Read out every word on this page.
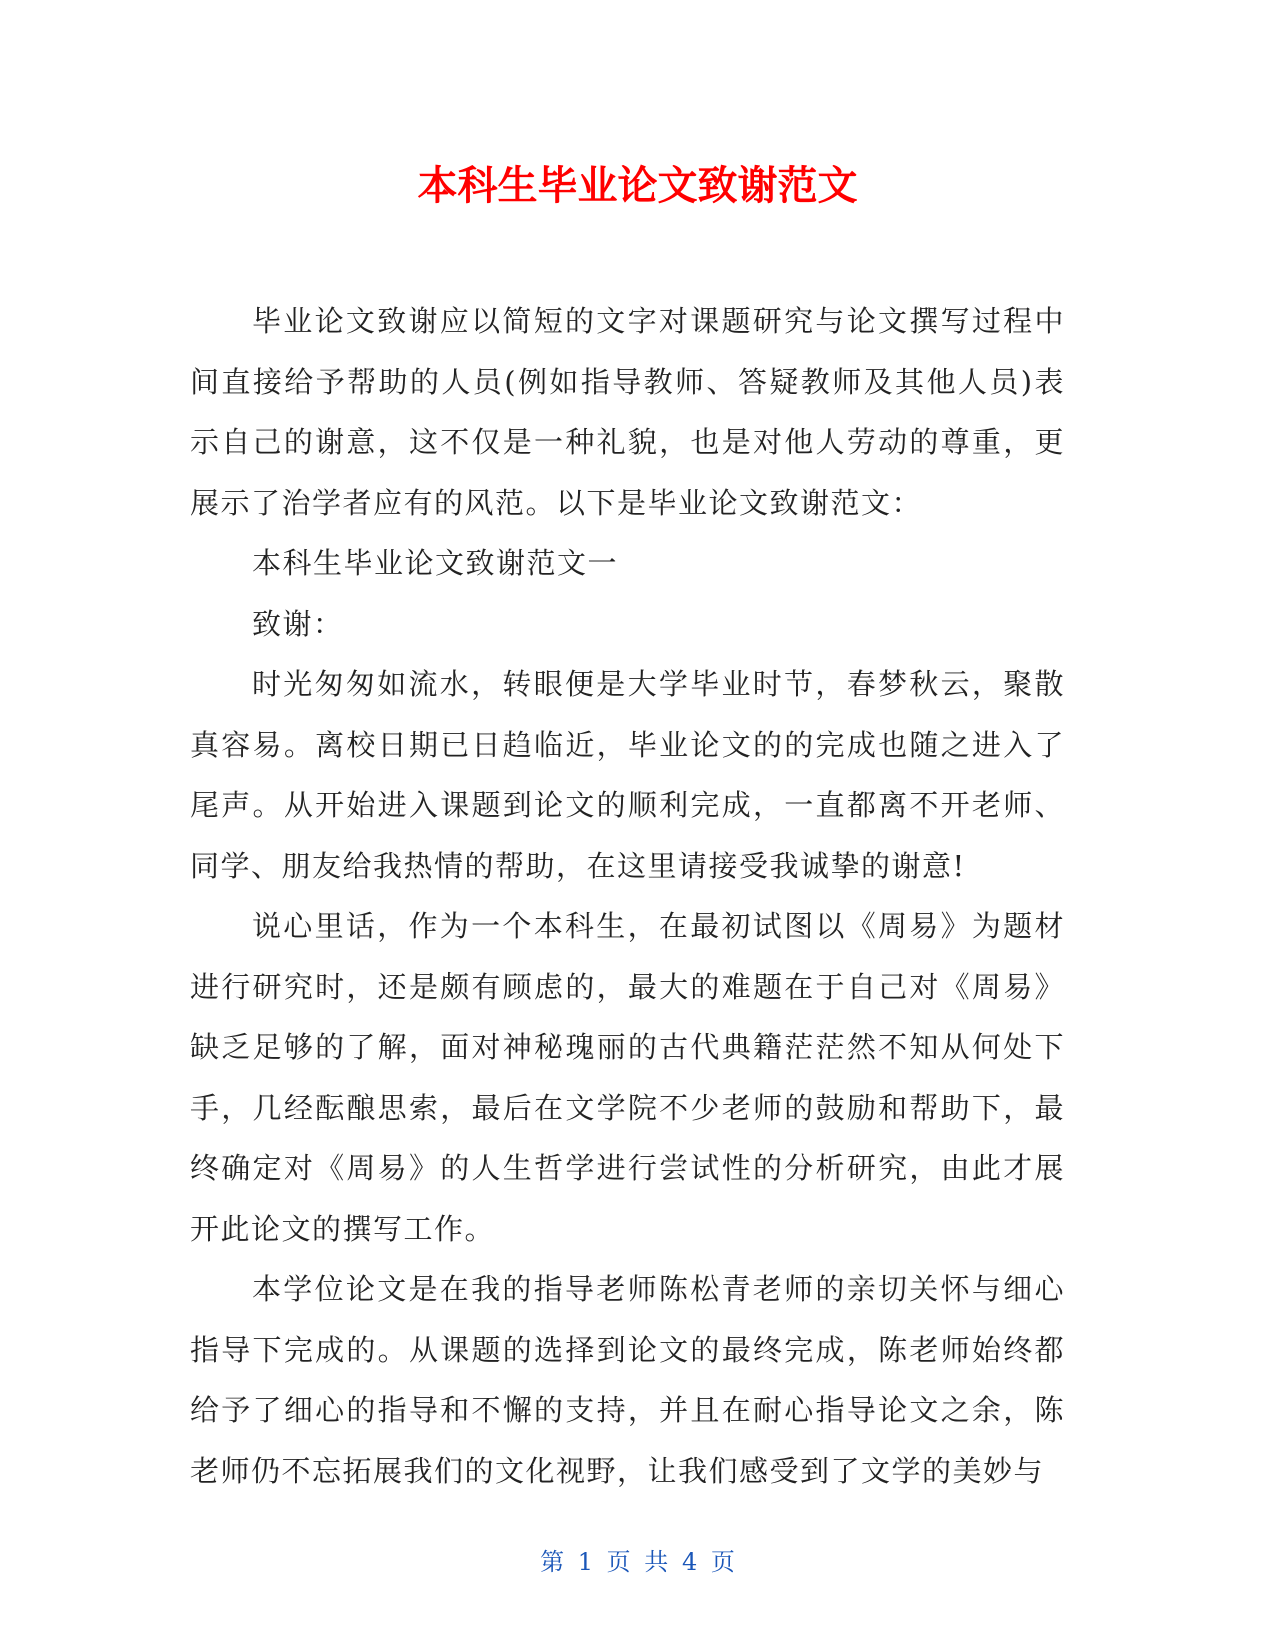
本科生毕业论文致谢范文

毕业论文致谢应以简短的文字对课题研究与论文撰写过程中间直接给予帮助的人员(例如指导教师、答疑教师及其他人员)表示自己的谢意，这不仅是一种礼貌，也是对他人劳动的尊重，更展示了治学者应有的风范。以下是毕业论文致谢范文：

本科生毕业论文致谢范文一

致谢：

时光匆匆如流水，转眼便是大学毕业时节，春梦秋云，聚散真容易。离校日期已日趋临近，毕业论文的的完成也随之进入了尾声。从开始进入课题到论文的顺利完成，一直都离不开老师、同学、朋友给我热情的帮助，在这里请接受我诚挚的谢意!

说心里话，作为一个本科生，在最初试图以《周易》为题材进行研究时，还是颇有顾虑的，最大的难题在于自己对《周易》缺乏足够的了解，面对神秘瑰丽的古代典籍茫茫然不知从何处下手，几经酝酿思索，最后在文学院不少老师的鼓励和帮助下，最终确定对《周易》的人生哲学进行尝试性的分析研究，由此才展开此论文的撰写工作。

本学位论文是在我的指导老师陈松青老师的亲切关怀与细心指导下完成的。从课题的选择到论文的最终完成，陈老师始终都给予了细心的指导和不懈的支持，并且在耐心指导论文之余，陈老师仍不忘拓展我们的文化视野，让我们感受到了文学的美妙与

第 1 页 共 4 页
